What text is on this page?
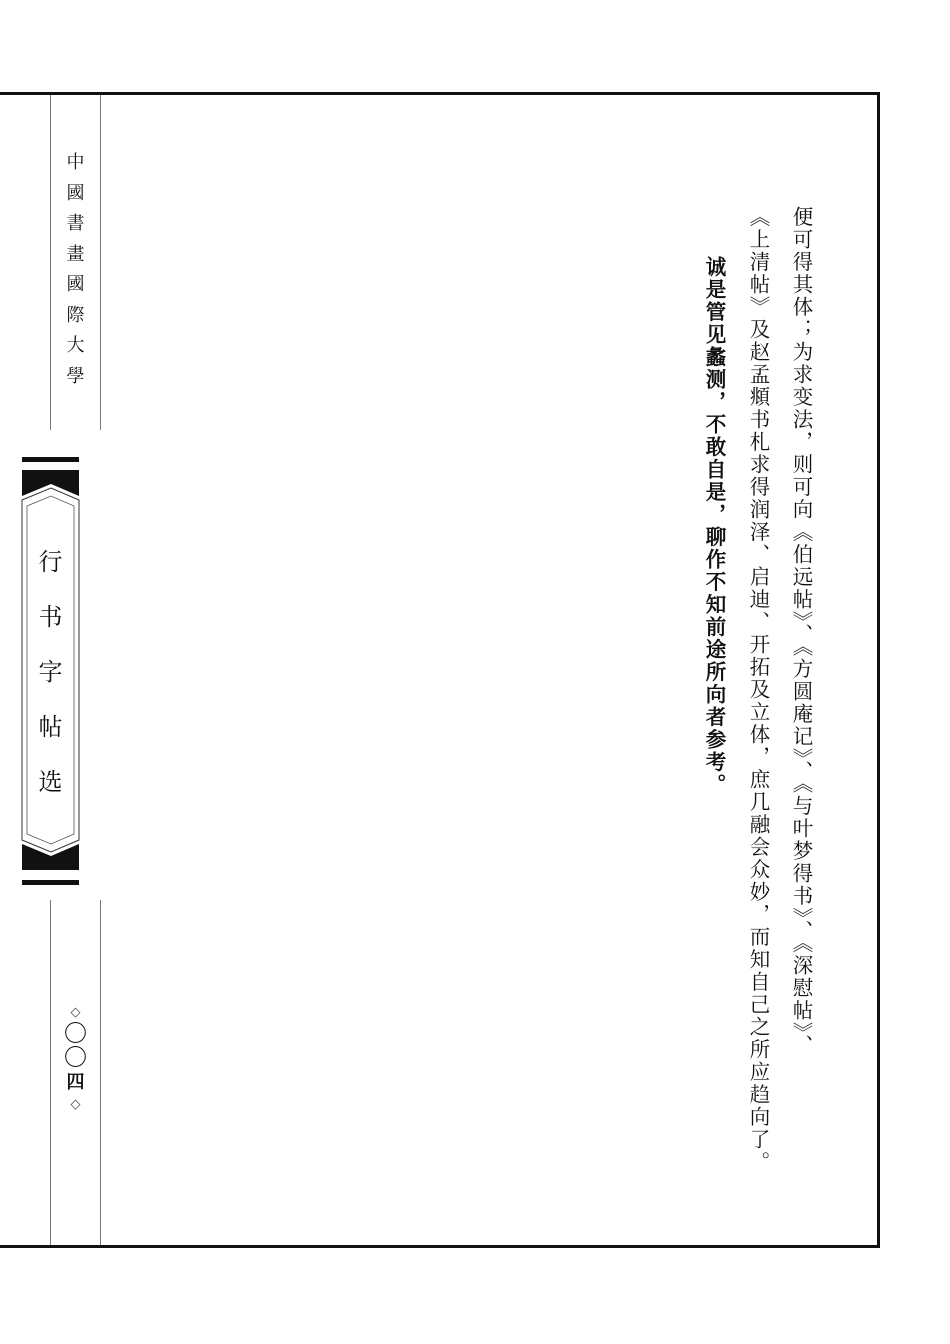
中
國
書
畫
國
際
大
學
行
书
字
帖
选
◇
〇
〇
四
◇
便可得其体；为求变法，则可向《伯远帖》、《方圆庵记》、《与叶梦得书》、《深慰帖》、
《上清帖》及赵孟頫书札求得润泽、启迪、开拓及立体，庶几融会众妙，而知自己之所应趋向了。
诚是管见蠡测，不敢自是，聊作不知前途所向者参考。
